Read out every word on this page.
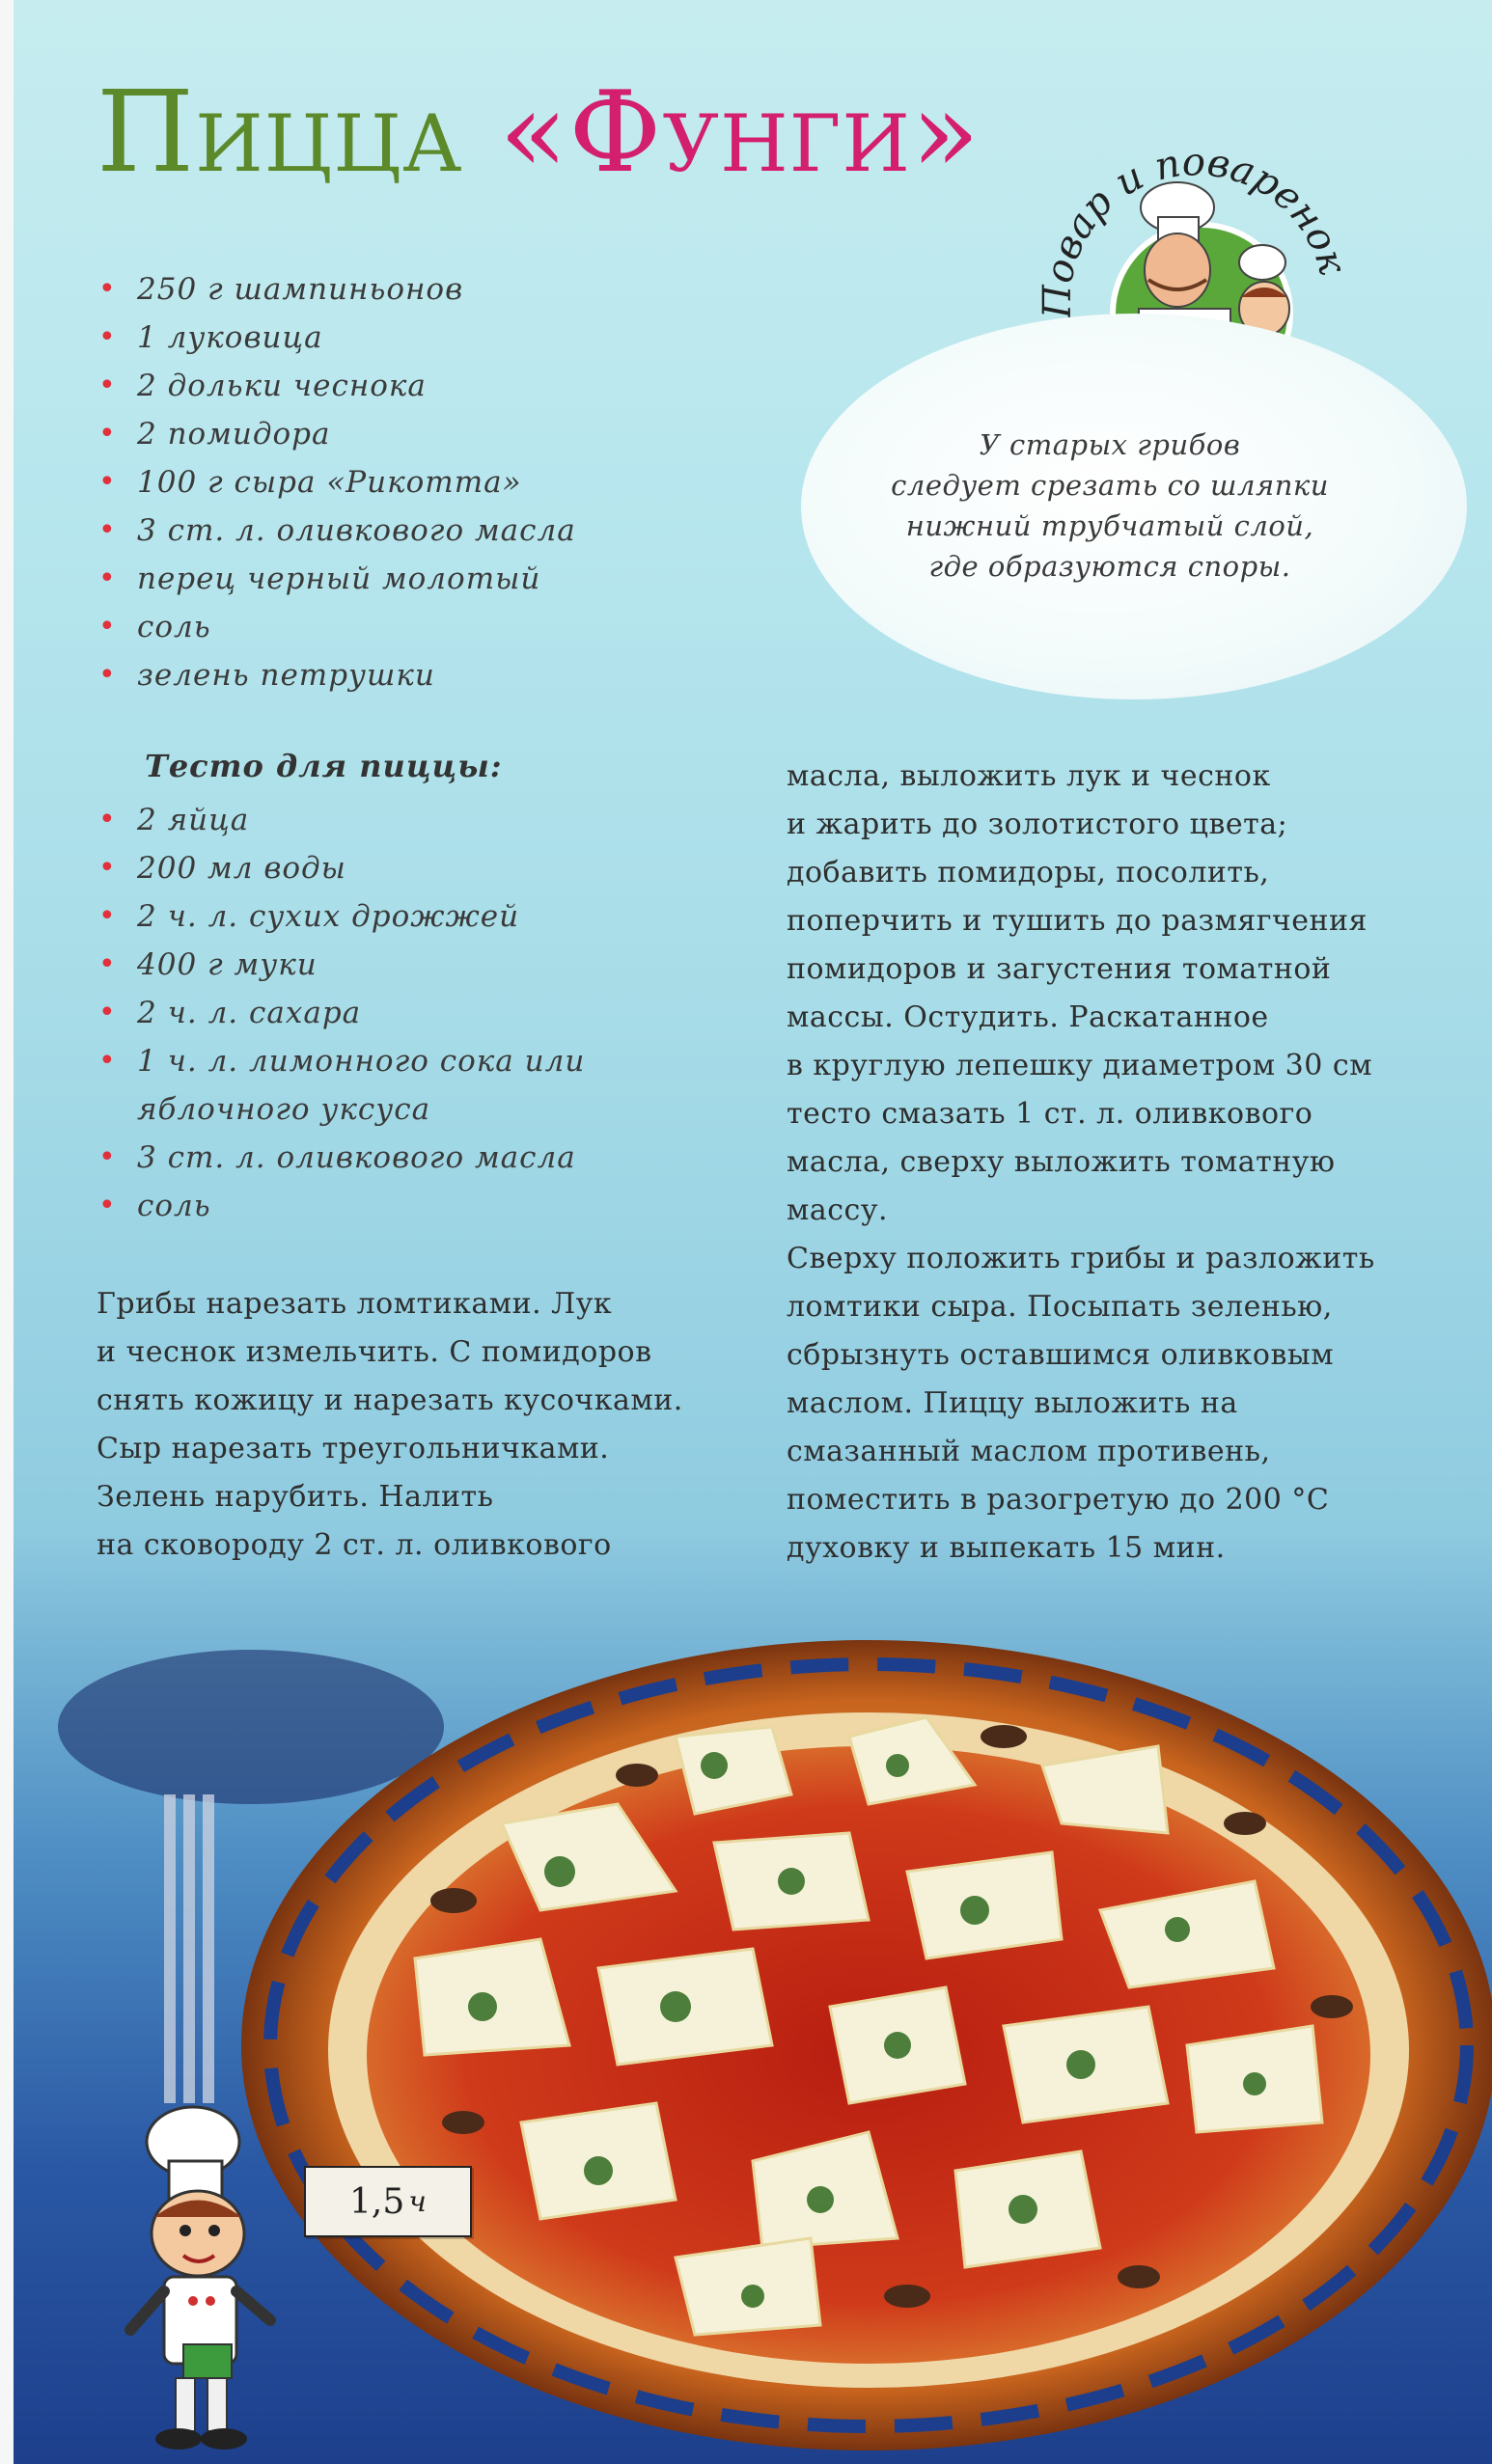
Пицца «Фунги»
Повар и поваренок
• 250 г шампиньонов
• 1 луковица
• 2 дольки чеснока
• 2 помидора
• 100 г сыра «Рикотта»
• 3 ст. л. оливкового масла
• перец черный молотый
• соль
• зелень петрушки
Тесто для пиццы:
• 2 яйца
• 200 мл воды
• 2 ч. л. сухих дрожжей
• 400 г муки
• 2 ч. л. сахара
• 1 ч. л. лимонного сока или
яблочного уксуса
• 3 ст. л. оливкового масла
• соль
У старых грибов
следует срезать со шляпки
нижний трубчатый слой,
где образуются споры.
Грибы нарезать ломтиками. Лук
и чеснок измельчить. С помидоров
снять кожицу и нарезать кусочками.
Сыр нарезать треугольничками.
Зелень нарубить. Налить
на сковороду 2 ст. л. оливкового
масла, выложить лук и чеснок
и жарить до золотистого цвета;
добавить помидоры, посолить,
поперчить и тушить до размягчения
помидоров и загустения томатной
массы. Остудить. Раскатанное
в круглую лепешку диаметром 30 см
тесто смазать 1 ст. л. оливкового
масла, сверху выложить томатную
массу.
Сверху положить грибы и разложить
ломтики сыра. Посыпать зеленью,
сбрызнуть оставшимся оливковым
маслом. Пиццу выложить на
смазанный маслом противень,
поместить в разогретую до 200 °С
духовку и выпекать 15 мин.
1,5 ч
